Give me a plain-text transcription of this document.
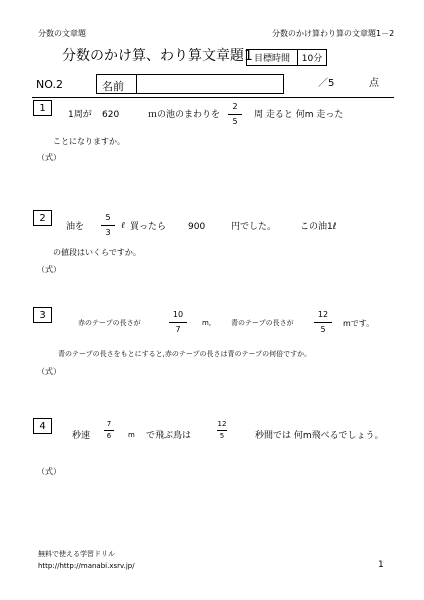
分数の文章題	分数のかけ算わり算の文章題1－2
分数のかけ算、わり算文章題1 目標時間	10分
NO.2	名前	／5	点
1
1周が 620	ｍの池のまわりを
2
5
周 走ると 何m 走った
ことになりますか。
（式）
2
油を
5
3
ℓ 買ったら 900	円でした。	この油1ℓ
の値段はいくらですか。
（式）
3
赤のテープの長さが
10
7
m,	青のテープの長さが
12
5
mです。
青のテープの長さをもとにすると,赤のテープの長さは青のテープの何倍ですか。
（式）
4
秒速
7
6 m で飛ぶ鳥は
12
5	秒間では 何m飛べるでしょう。
（式）
無料で使える学習ドリル
http://http://manabi.xsrv.jp/	1
